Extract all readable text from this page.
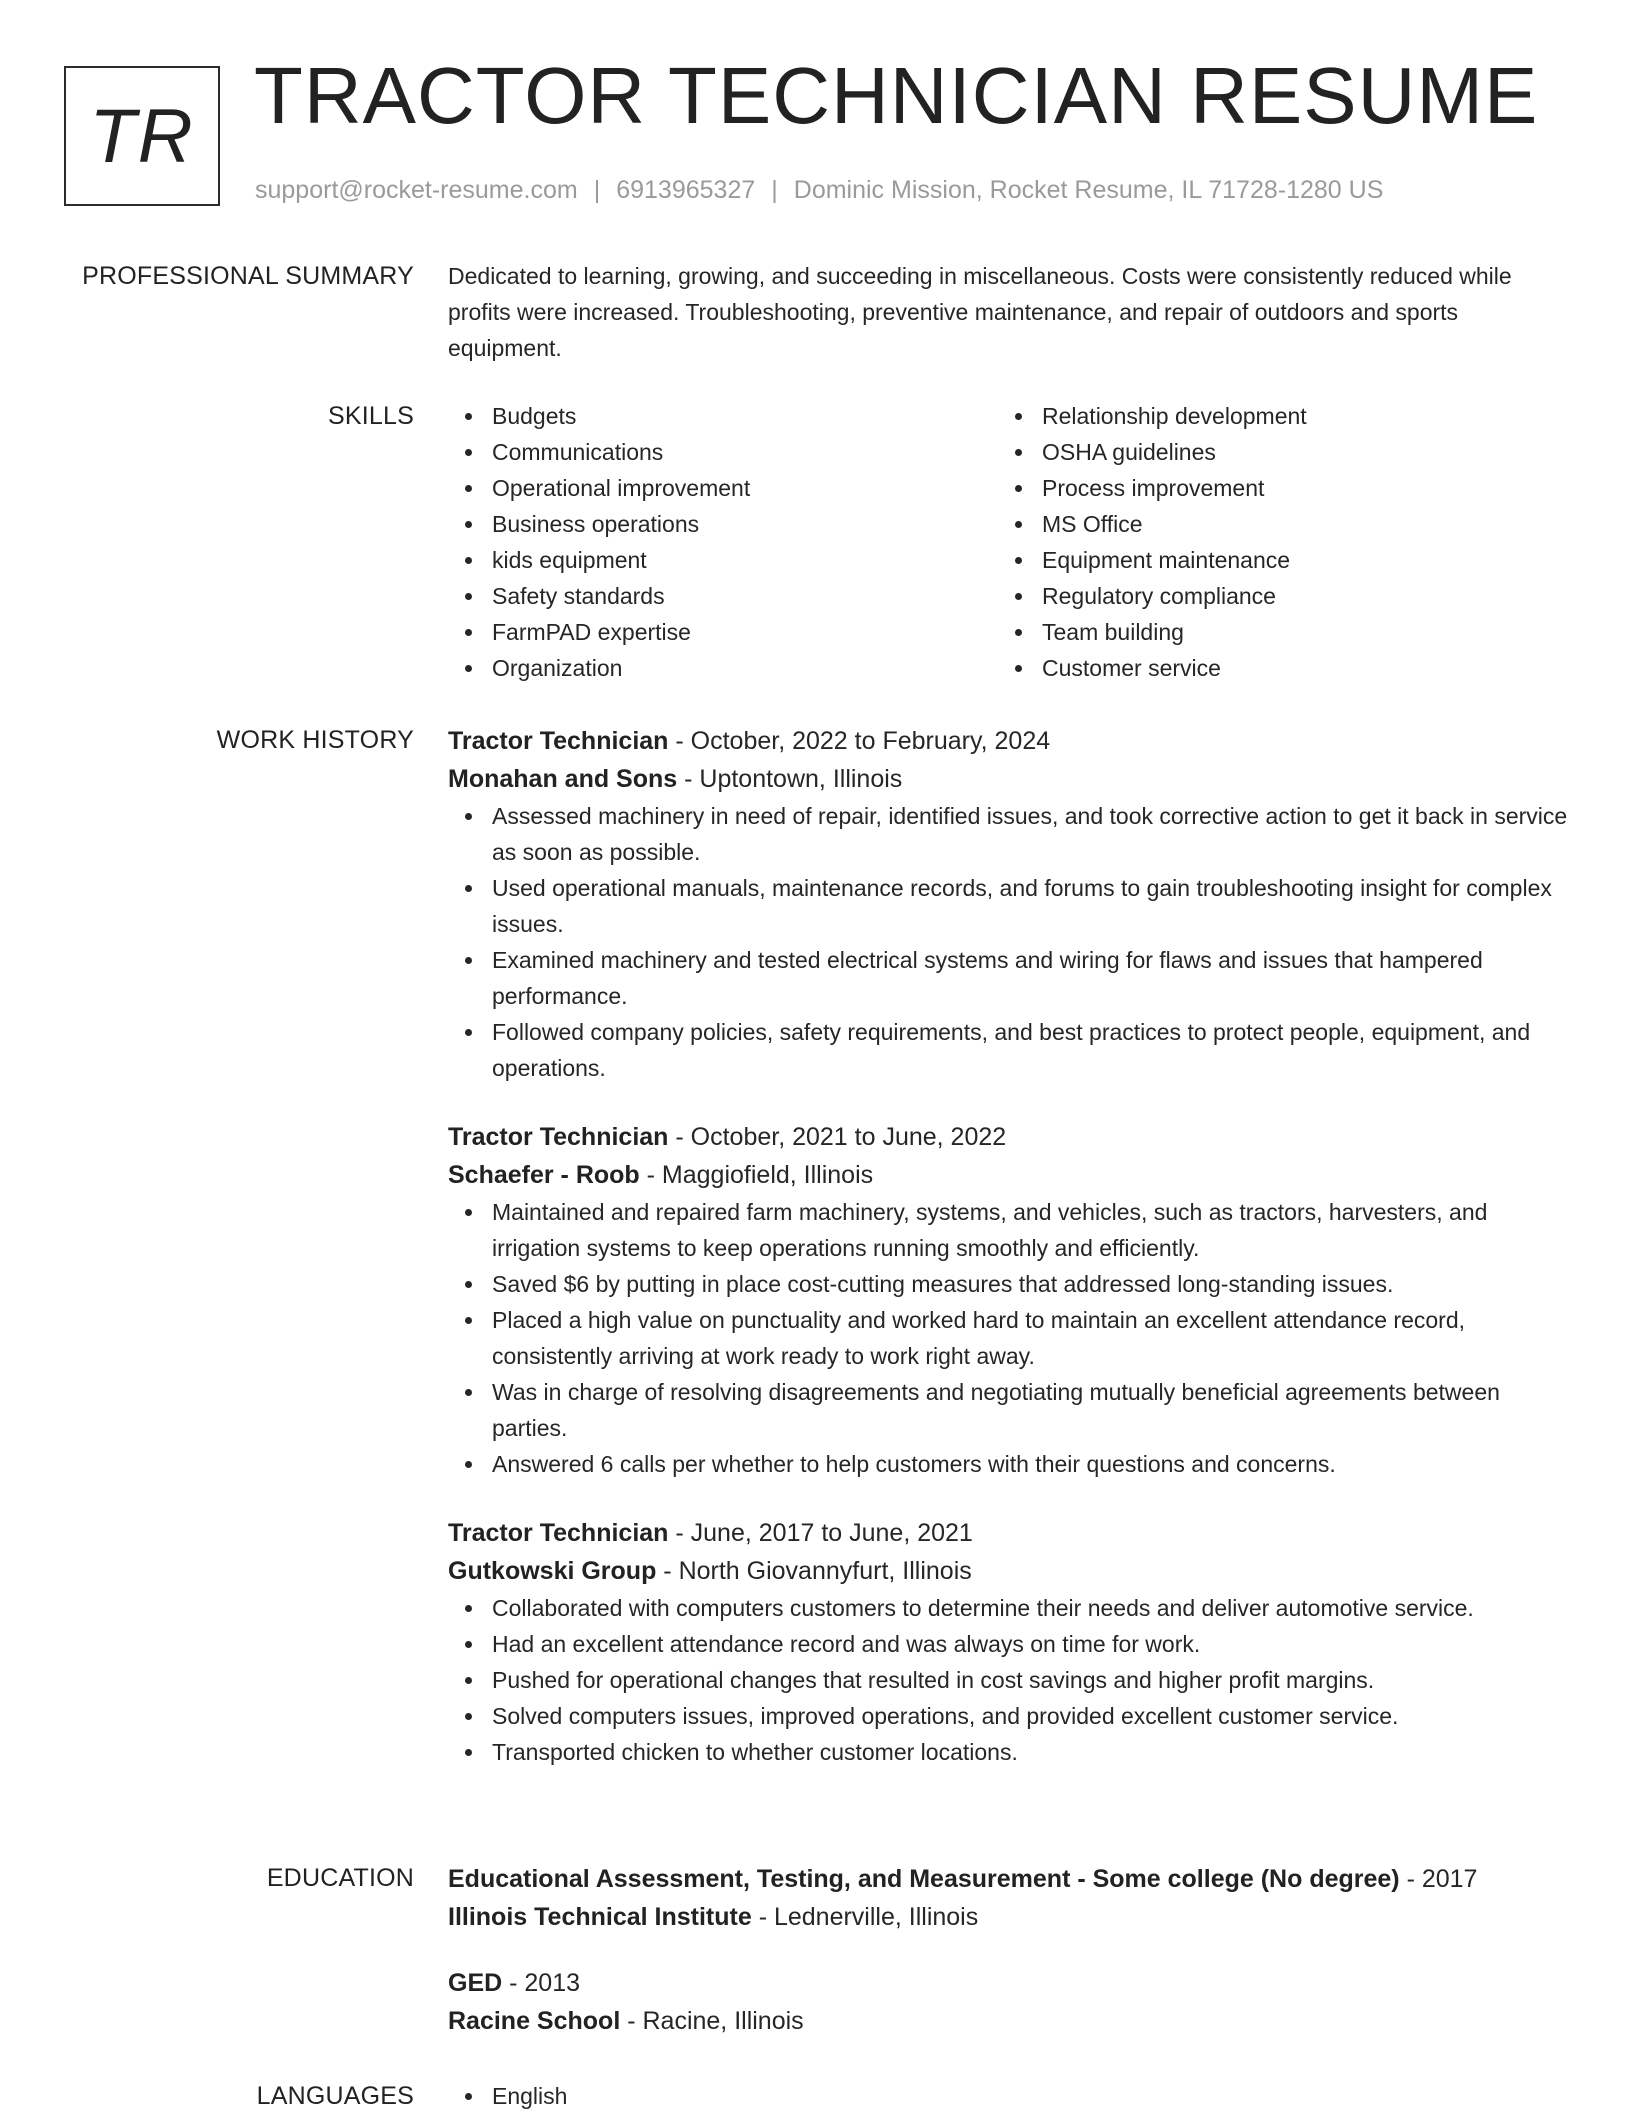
TR TRACTOR TECHNICIAN RESUME
support@rocket-resume.com | 6913965327 | Dominic Mission, Rocket Resume, IL 71728-1280 US
PROFESSIONAL SUMMARY Dedicated to learning, growing, and succeeding in miscellaneous. Costs were consistently reduced while profits were increased. Troubleshooting, preventive maintenance, and repair of outdoors and sports equipment.

SKILLS	Budgets
Communications
Operational improvement
Business operations
kids equipment
Safety standards
FarmPAD expertise
Organization
Relationship development
OSHA guidelines
Process improvement
MS Office
Equipment maintenance
Regulatory compliance
Team building
Customer service
WORK HISTORY Tractor Technician - October, 2022 to February, 2024
Monahan and Sons - Uptontown, Illinois
Assessed machinery in need of repair, identified issues, and took corrective action to get it back in service as soon as possible.
Used operational manuals, maintenance records, and forums to gain troubleshooting insight for complex issues.
Examined machinery and tested electrical systems and wiring for flaws and issues that hampered performance.
Followed company policies, safety requirements, and best practices to protect people, equipment, and operations.
Tractor Technician - October, 2021 to June, 2022
Schaefer - Roob - Maggiofield, Illinois
Maintained and repaired farm machinery, systems, and vehicles, such as tractors, harvesters, and irrigation systems to keep operations running smoothly and efficiently.
Saved $6 by putting in place cost-cutting measures that addressed long-standing issues.
Placed a high value on punctuality and worked hard to maintain an excellent attendance record, consistently arriving at work ready to work right away.
Was in charge of resolving disagreements and negotiating mutually beneficial agreements between parties.
Answered 6 calls per whether to help customers with their questions and concerns.
Tractor Technician - June, 2017 to June, 2021
Gutkowski Group - North Giovannyfurt, Illinois
Collaborated with computers customers to determine their needs and deliver automotive service.
Had an excellent attendance record and was always on time for work.
Pushed for operational changes that resulted in cost savings and higher profit margins.
Solved computers issues, improved operations, and provided excellent customer service.
Transported chicken to whether customer locations.
EDUCATION Educational Assessment, Testing, and Measurement - Some college (No degree) - 2017
Illinois Technical Institute - Lednerville, Illinois
GED - 2013
Racine School - Racine, Illinois
LANGUAGES	English
